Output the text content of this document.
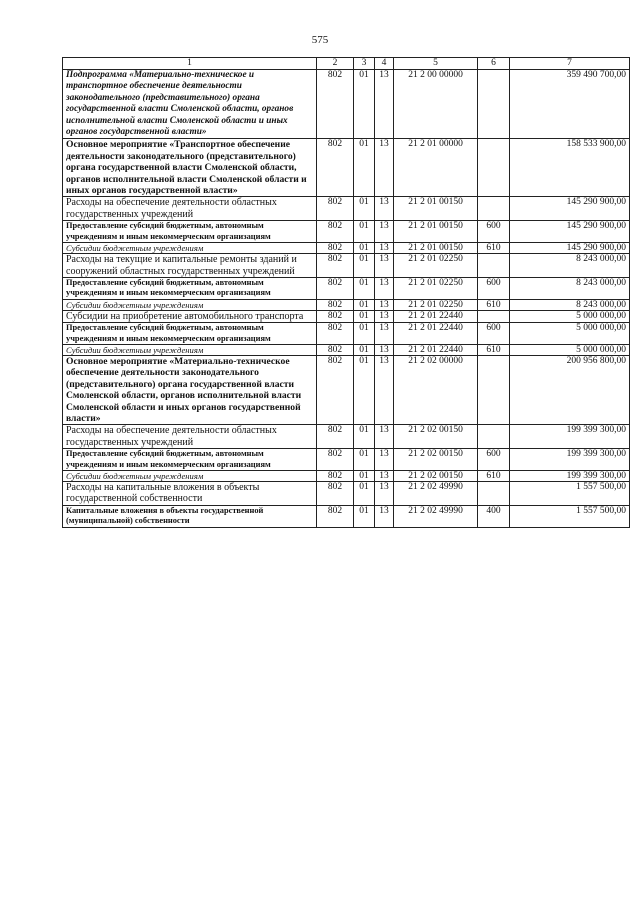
575
1	2	3	4	5	6	7
Подпрограмма «Материально-техническое и транспортное обеспечение деятельности законодательного (представительного) органа государственной власти Смоленской области, органов исполнительной власти Смоленской области и иных органов государственной власти»	802	01	13	21 2 00 00000		359 490 700,00
Основное мероприятие «Транспортное обеспечение деятельности законодательного (представительного) органа государственной власти Смоленской области, органов исполнительной власти Смоленской области и иных органов государственной власти»	802	01	13	21 2 01 00000		158 533 900,00
Расходы на обеспечение деятельности областных государственных учреждений	802	01	13	21 2 01 00150		145 290 900,00
Предоставление субсидий бюджетным, автономным учреждениям и иным некоммерческим организациям	802	01	13	21 2 01 00150	600	145 290 900,00
Субсидии бюджетным учреждениям	802	01	13	21 2 01 00150	610	145 290 900,00
Расходы на текущие и капитальные ремонты зданий и сооружений областных государственных учреждений	802	01	13	21 2 01 02250		8 243 000,00
Предоставление субсидий бюджетным, автономным учреждениям и иным некоммерческим организациям	802	01	13	21 2 01 02250	600	8 243 000,00
Субсидии бюджетным учреждениям	802	01	13	21 2 01 02250	610	8 243 000,00
Субсидии на приобретение автомобильного транспорта	802	01	13	21 2 01 22440		5 000 000,00
Предоставление субсидий бюджетным, автономным учреждениям и иным некоммерческим организациям	802	01	13	21 2 01 22440	600	5 000 000,00
Субсидии бюджетным учреждениям	802	01	13	21 2 01 22440	610	5 000 000,00
Основное мероприятие «Материально-техническое обеспечение деятельности законодательного (представительного) органа государственной власти Смоленской области, органов исполнительной власти Смоленской области и иных органов государственной власти»	802	01	13	21 2 02 00000		200 956 800,00
Расходы на обеспечение деятельности областных государственных учреждений	802	01	13	21 2 02 00150		199 399 300,00
Предоставление субсидий бюджетным, автономным учреждениям и иным некоммерческим организациям	802	01	13	21 2 02 00150	600	199 399 300,00
Субсидии бюджетным учреждениям	802	01	13	21 2 02 00150	610	199 399 300,00
Расходы на капитальные вложения в объекты государственной собственности	802	01	13	21 2 02 49990		1 557 500,00
Капитальные вложения в объекты государственной (муниципальной) собственности	802	01	13	21 2 02 49990	400	1 557 500,00
